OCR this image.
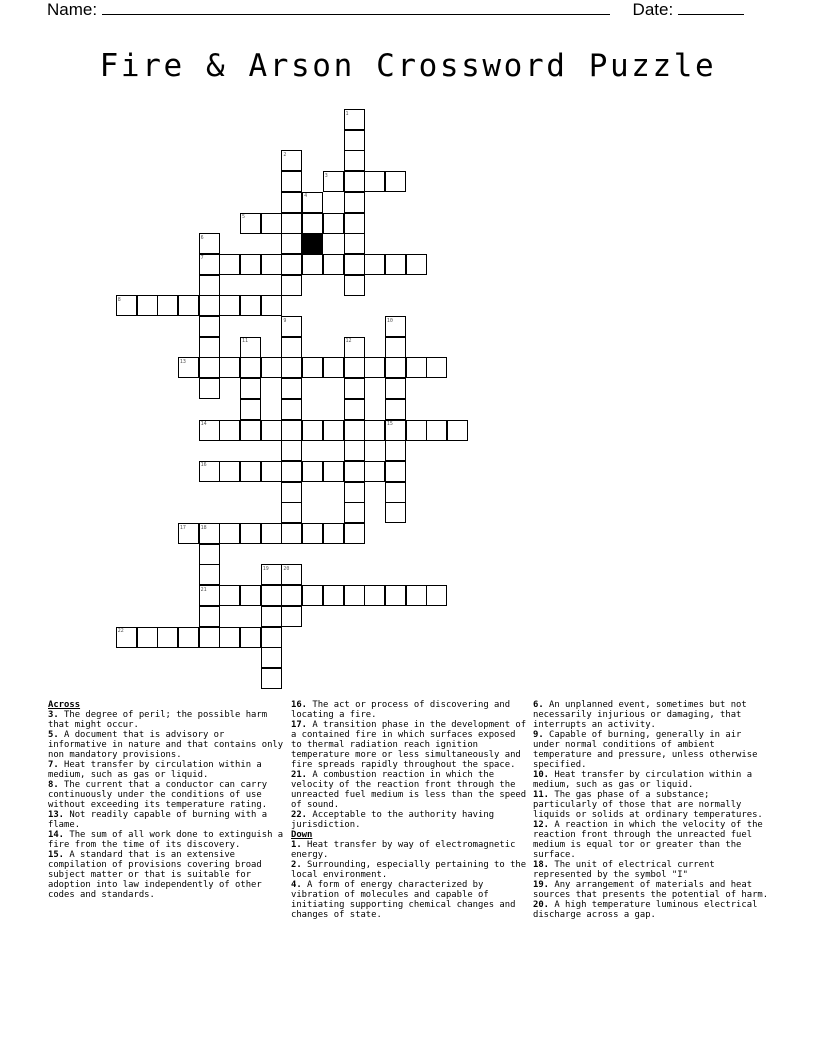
Name:	Date:
Fire & Arson Crossword Puzzle
1
2
3
4
5
6
7
8
9	10
11	12
13
14	15
16
17	18
19	20
21
22

Across

3. The degree of peril; the possible harm that might occur.

5. A document that is advisory or informative in nature and that contains only non mandatory provisions.

7. Heat transfer by circulation within a medium, such as gas or liquid.

8. The current that a conductor can carry continuously under the conditions of use without exceeding its temperature rating.

13. Not readily capable of burning with a flame.

14. The sum of all work done to extinguish a fire from the time of its discovery.

15. A standard that is an extensive compilation of provisions covering broad subject matter or that is suitable for adoption into law independently of other codes and standards.

16. The act or process of discovering and locating a fire.

17. A transition phase in the development of a contained fire in which surfaces exposed to thermal radiation reach ignition temperature more or less simultaneously and fire spreads rapidly throughout the space.

21. A combustion reaction in which the velocity of the reaction front through the unreacted fuel medium is less than the speed of sound.

22. Acceptable to the authority having jurisdiction.

Down

1. Heat transfer by way of electromagnetic energy.

2. Surrounding, especially pertaining to the local environment.

4. A form of energy characterized by vibration of molecules and capable of initiating supporting chemical changes and changes of state.

6. An unplanned event, sometimes but not necessarily injurious or damaging, that interrupts an activity.

9. Capable of burning, generally in air under normal conditions of ambient temperature and pressure, unless otherwise specified.

10. Heat transfer by circulation within a medium, such as gas or liquid.

11. The gas phase of a substance; particularly of those that are normally liquids or solids at ordinary temperatures.

12. A reaction in which the velocity of the reaction front through the unreacted fuel medium is equal tor or greater than the surface.

18. The unit of electrical current represented by the symbol "I"

19. Any arrangement of materials and heat sources that presents the potential of harm.

20. A high temperature luminous electrical discharge across a gap.
